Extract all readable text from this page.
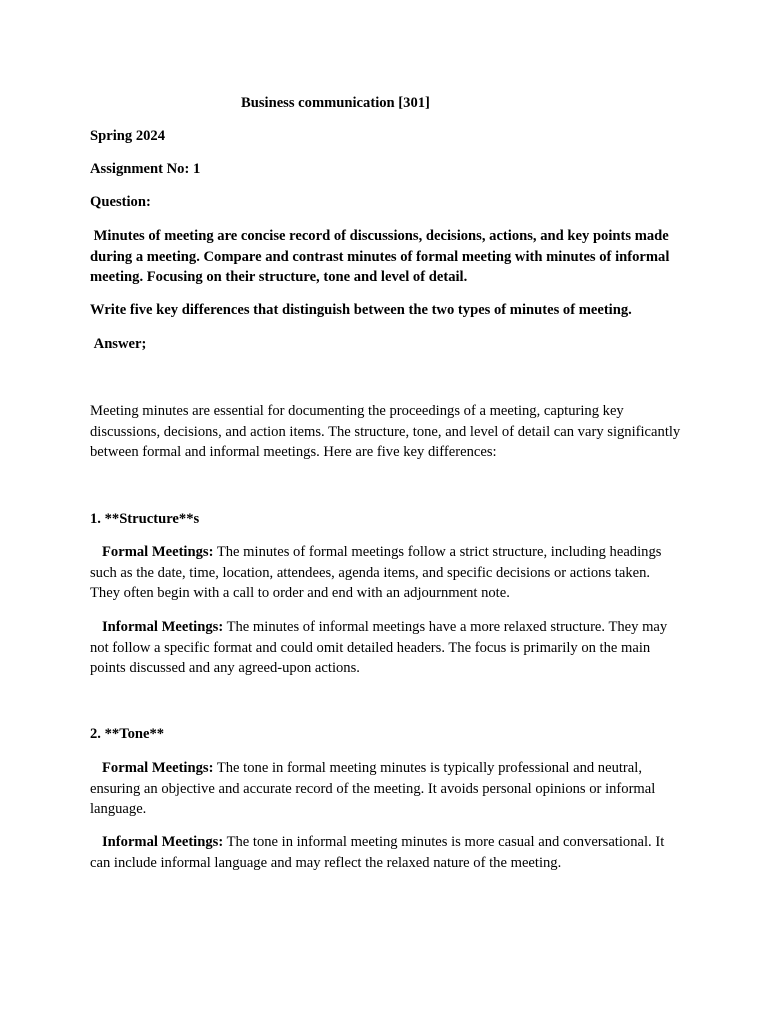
Business communication [301]

Spring 2024

Assignment No: 1

Question:

Minutes of meeting are concise record of discussions, decisions, actions, and key points made during a meeting. Compare and contrast minutes of formal meeting with minutes of informal meeting. Focusing on their structure, tone and level of detail.

Write five key differences that distinguish between the two types of minutes of meeting.

Answer;

Meeting minutes are essential for documenting the proceedings of a meeting, capturing key discussions, decisions, and action items. The structure, tone, and level of detail can vary significantly between formal and informal meetings. Here are five key differences:

1. **Structure**s

Formal Meetings: The minutes of formal meetings follow a strict structure, including headings such as the date, time, location, attendees, agenda items, and specific decisions or actions taken. They often begin with a call to order and end with an adjournment note.

Informal Meetings: The minutes of informal meetings have a more relaxed structure. They may not follow a specific format and could omit detailed headers. The focus is primarily on the main points discussed and any agreed-upon actions.

2. **Tone**

Formal Meetings: The tone in formal meeting minutes is typically professional and neutral, ensuring an objective and accurate record of the meeting. It avoids personal opinions or informal language.

Informal Meetings: The tone in informal meeting minutes is more casual and conversational. It can include informal language and may reflect the relaxed nature of the meeting.
